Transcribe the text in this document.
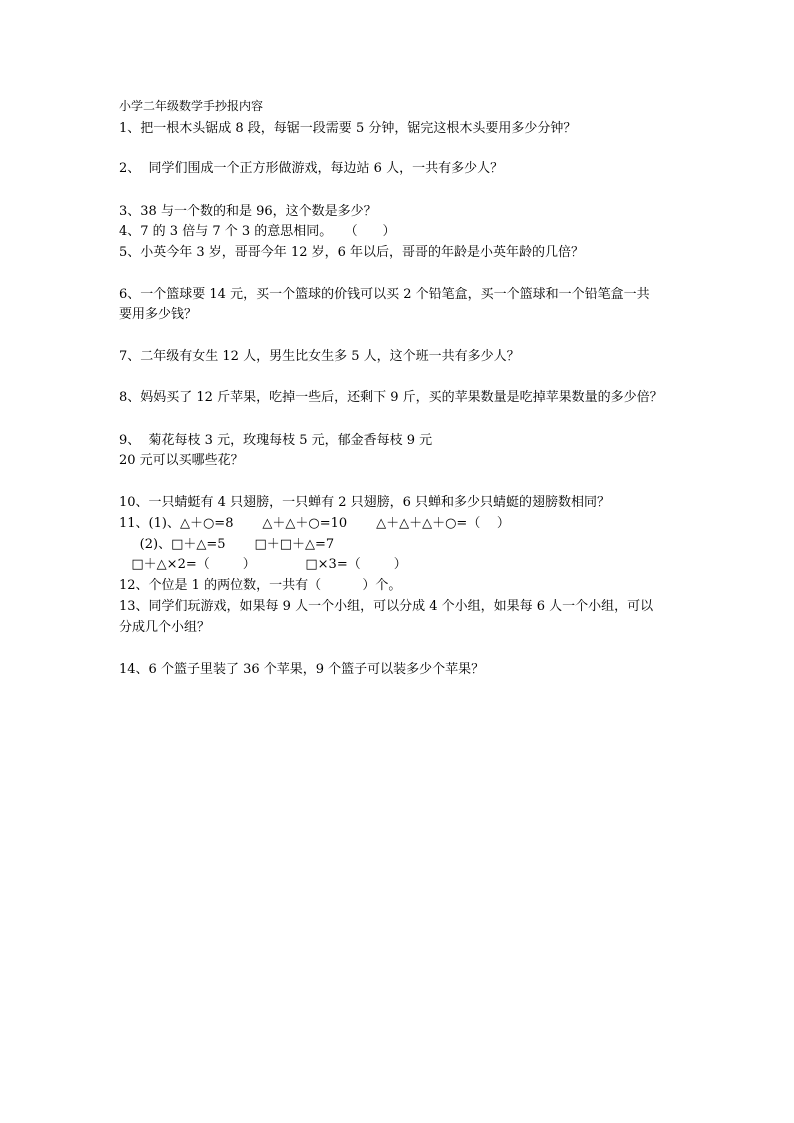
小学二年级数学手抄报内容
1、把一根木头锯成 8 段，每锯一段需要 5 分钟，锯完这根木头要用多少分钟？
2、  同学们围成一个正方形做游戏，每边站 6 人，一共有多少人？
3、38 与一个数的和是 96，这个数是多少？
4、7 的 3 倍与 7 个 3 的意思相同。   （      ）
5、小英今年 3 岁，哥哥今年 12 岁，6 年以后，哥哥的年龄是小英年龄的几倍？
6、一个篮球要 14 元，买一个篮球的价钱可以买 2 个铅笔盒，买一个篮球和一个铅笔盒一共
要用多少钱？
7、二年级有女生 12 人，男生比女生多 5 人，这个班一共有多少人？
8、妈妈买了 12 斤苹果，吃掉一些后，还剩下 9 斤，买的苹果数量是吃掉苹果数量的多少倍？
9、  菊花每枝 3 元，玫瑰每枝 5 元，郁金香每枝 9 元
20 元可以买哪些花？
10、一只蜻蜓有 4 只翅膀，一只蝉有 2 只翅膀，6 只蝉和多少只蜻蜓的翅膀数相同？
11、(1)、△＋○=8       △＋△＋○=10       △＋△＋△＋○=（    ）
(2)、□＋△=5       □＋□＋△=7
□＋△×2=（        ）            □×3=（        ）
12、个位是 1 的两位数，一共有（          ）个。
13、同学们玩游戏，如果每 9 人一个小组，可以分成 4 个小组，如果每 6 人一个小组，可以
分成几个小组？
14、6 个篮子里装了 36 个苹果，9 个篮子可以装多少个苹果？
